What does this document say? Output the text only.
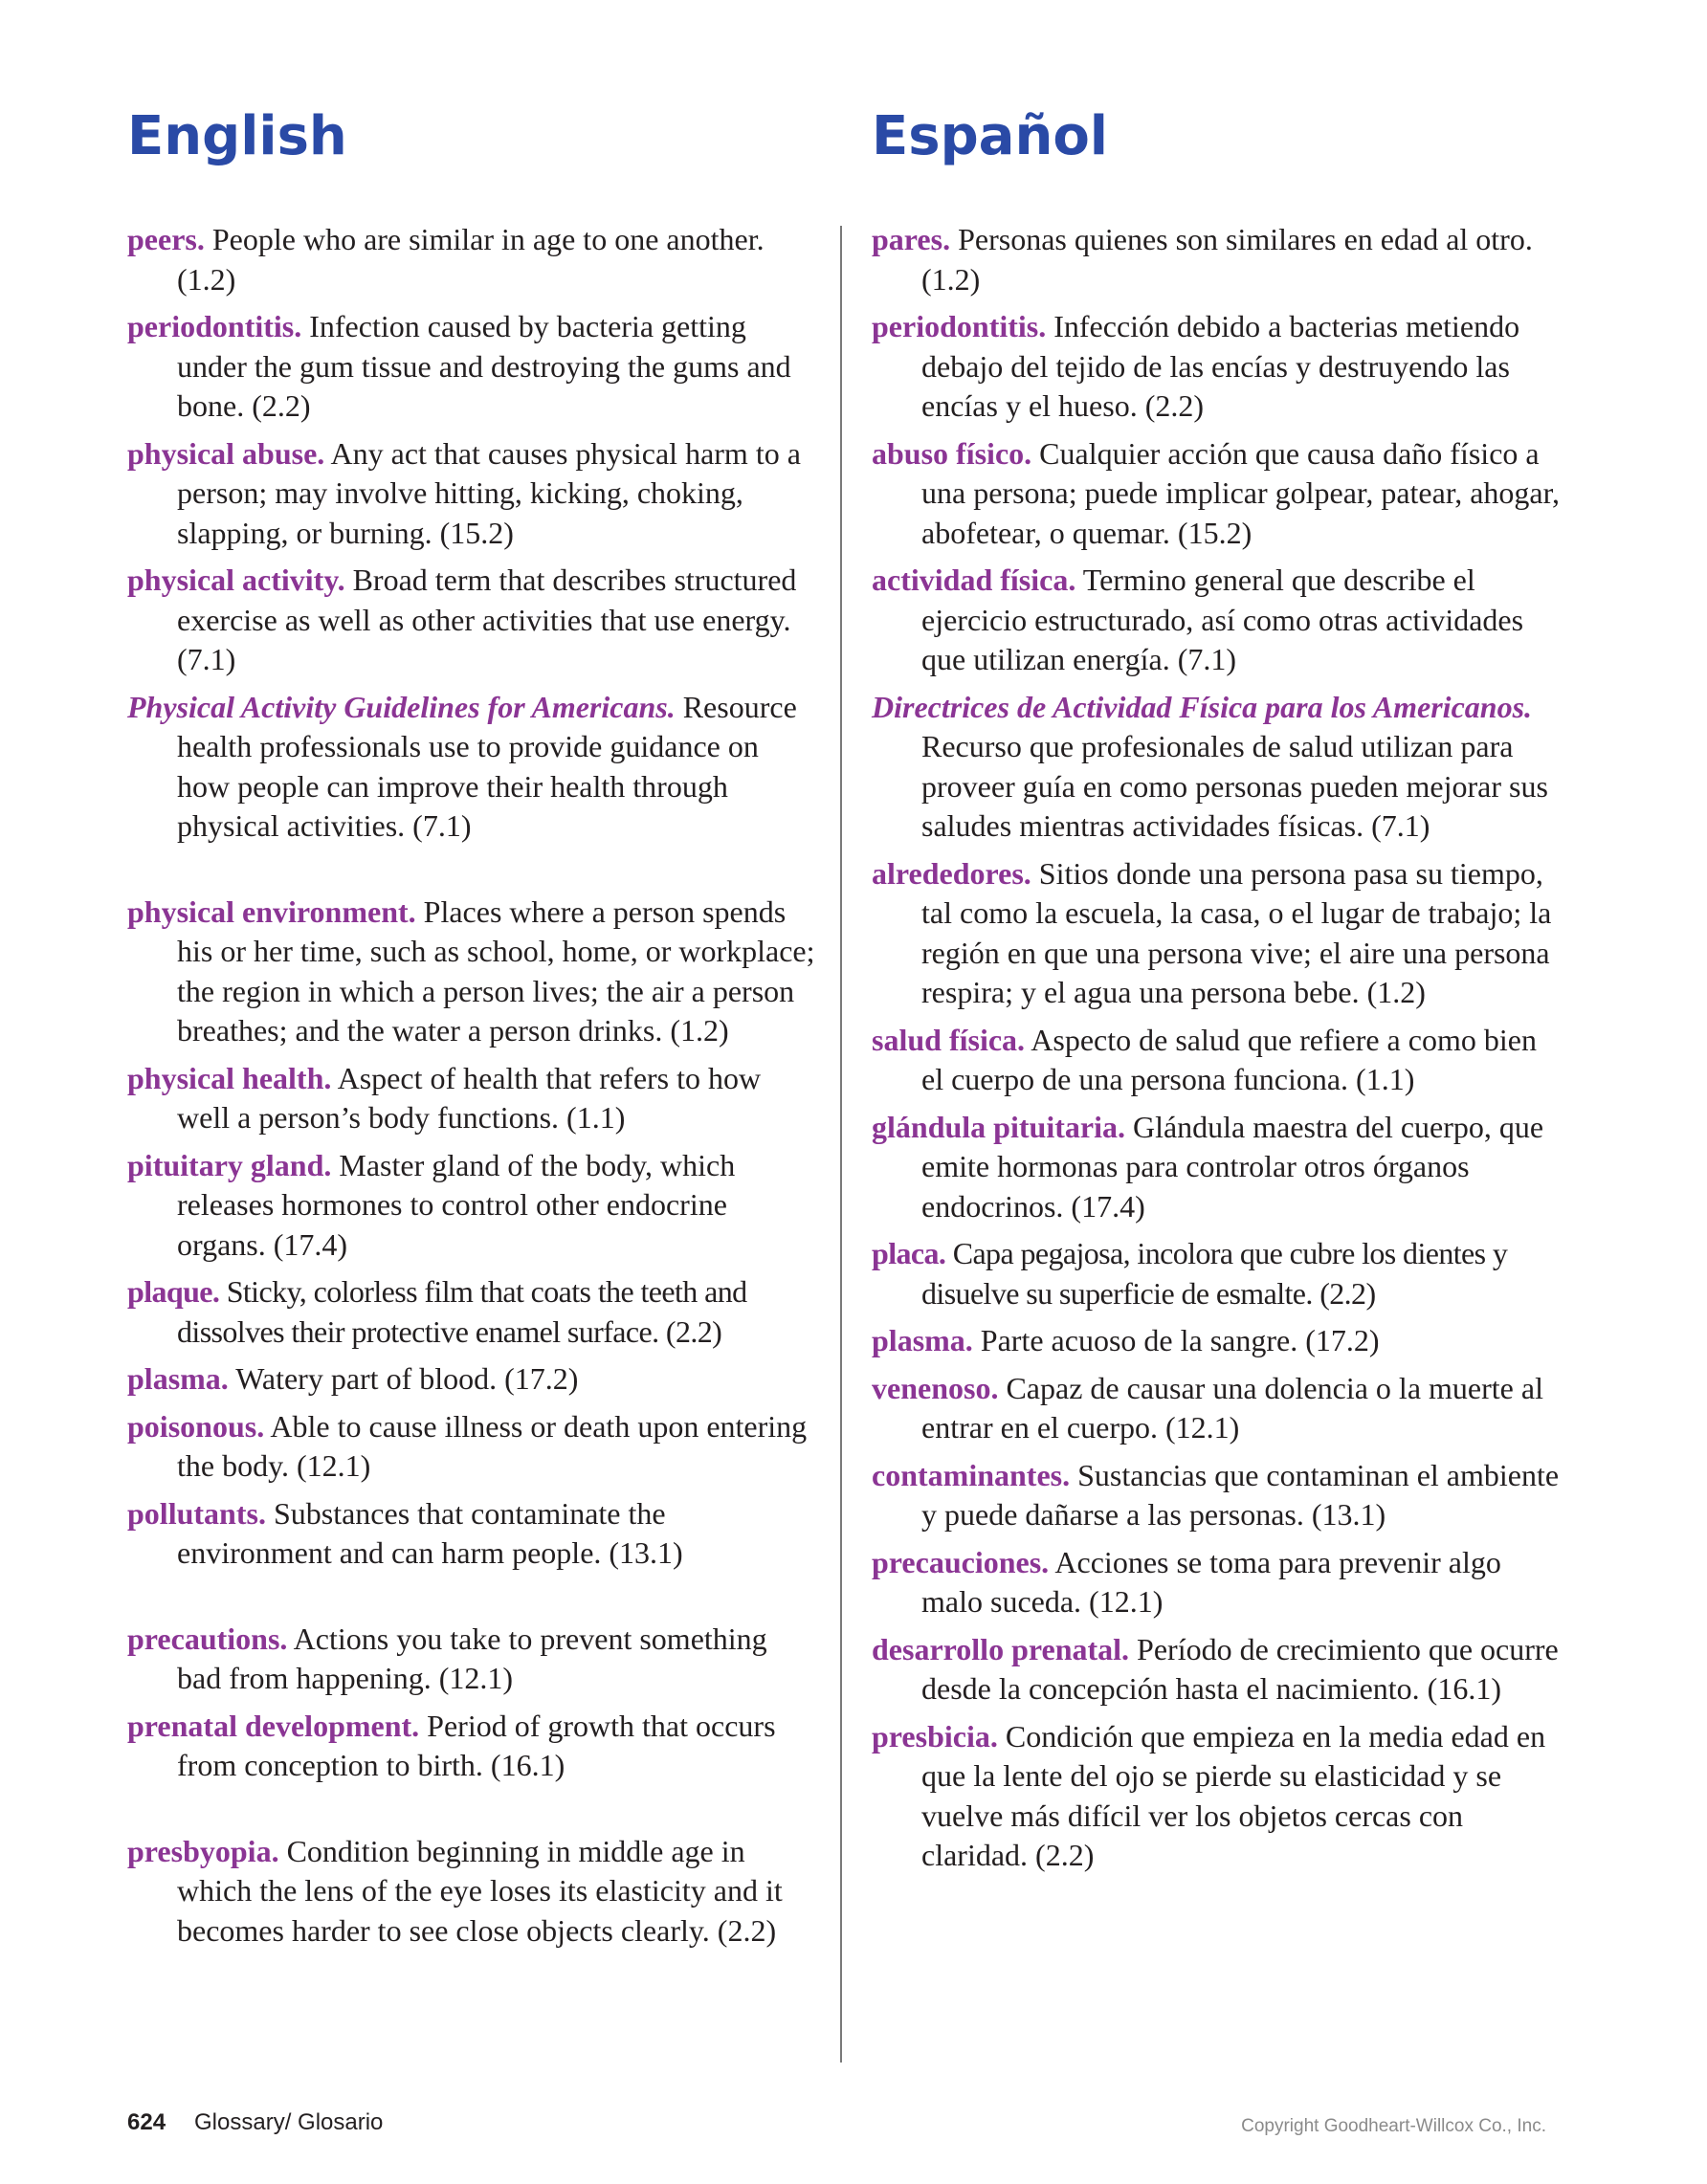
English

peers. People who are similar in age to one another. (1.2)

periodontitis. Infection caused by bacteria getting under the gum tissue and destroying the gums and bone. (2.2)

physical abuse. Any act that causes physical harm to a person; may involve hitting, kicking, choking, slapping, or burning. (15.2)

physical activity. Broad term that describes structured exercise as well as other activities that use energy. (7.1)

Physical Activity Guidelines for Americans. Resource health professionals use to provide guidance on how people can improve their health through physical activities. (7.1)

physical environment. Places where a person spends his or her time, such as school, home, or workplace; the region in which a person lives; the air a person breathes; and the water a person drinks. (1.2)

physical health. Aspect of health that refers to how well a person’s body functions. (1.1)

pituitary gland. Master gland of the body, which releases hormones to control other endocrine organs. (17.4)

plaque. Sticky, colorless film that coats the teeth and dissolves their protective enamel surface. (2.2)

plasma. Watery part of blood. (17.2)

poisonous. Able to cause illness or death upon entering the body. (12.1)

pollutants. Substances that contaminate the environment and can harm people. (13.1)

precautions. Actions you take to prevent something bad from happening. (12.1)

prenatal development. Period of growth that occurs from conception to birth. (16.1)

presbyopia. Condition beginning in middle age in which the lens of the eye loses its elasticity and it becomes harder to see close objects clearly. (2.2)

Español

pares. Personas quienes son similares en edad al otro. (1.2)

periodontitis. Infección debido a bacterias metiendo debajo del tejido de las encías y destruyendo las encías y el hueso. (2.2)

abuso físico. Cualquier acción que causa daño físico a una persona; puede implicar golpear, patear, ahogar, abofetear, o quemar. (15.2)

actividad física. Termino general que describe el ejercicio estructurado, así como otras actividades que utilizan energía. (7.1)

Directrices de Actividad Física para los Americanos. Recurso que profesionales de salud utilizan para proveer guía en como personas pueden mejorar sus saludes mientras actividades físicas. (7.1)

alrededores. Sitios donde una persona pasa su tiempo, tal como la escuela, la casa, o el lugar de trabajo; la región en que una persona vive; el aire una persona respira; y el agua una persona bebe. (1.2)

salud física. Aspecto de salud que refiere a como bien el cuerpo de una persona funciona. (1.1)

glándula pituitaria. Glándula maestra del cuerpo, que emite hormonas para controlar otros órganos endocrinos. (17.4)

placa. Capa pegajosa, incolora que cubre los dientes y disuelve su superficie de esmalte. (2.2)

plasma. Parte acuoso de la sangre. (17.2)

venenoso. Capaz de causar una dolencia o la muerte al entrar en el cuerpo. (12.1)

contaminantes. Sustancias que contaminan el ambiente y puede dañarse a las personas. (13.1)

precauciones. Acciones se toma para prevenir algo malo suceda. (12.1)

desarrollo prenatal. Período de crecimiento que ocurre desde la concepción hasta el nacimiento. (16.1)

presbicia. Condición que empieza en la media edad en que la lente del ojo se pierde su elasticidad y se vuelve más difícil ver los objetos cercas con claridad. (2.2)

624 Glossary/ Glosario	Copyright Goodheart-Willcox Co., Inc.
